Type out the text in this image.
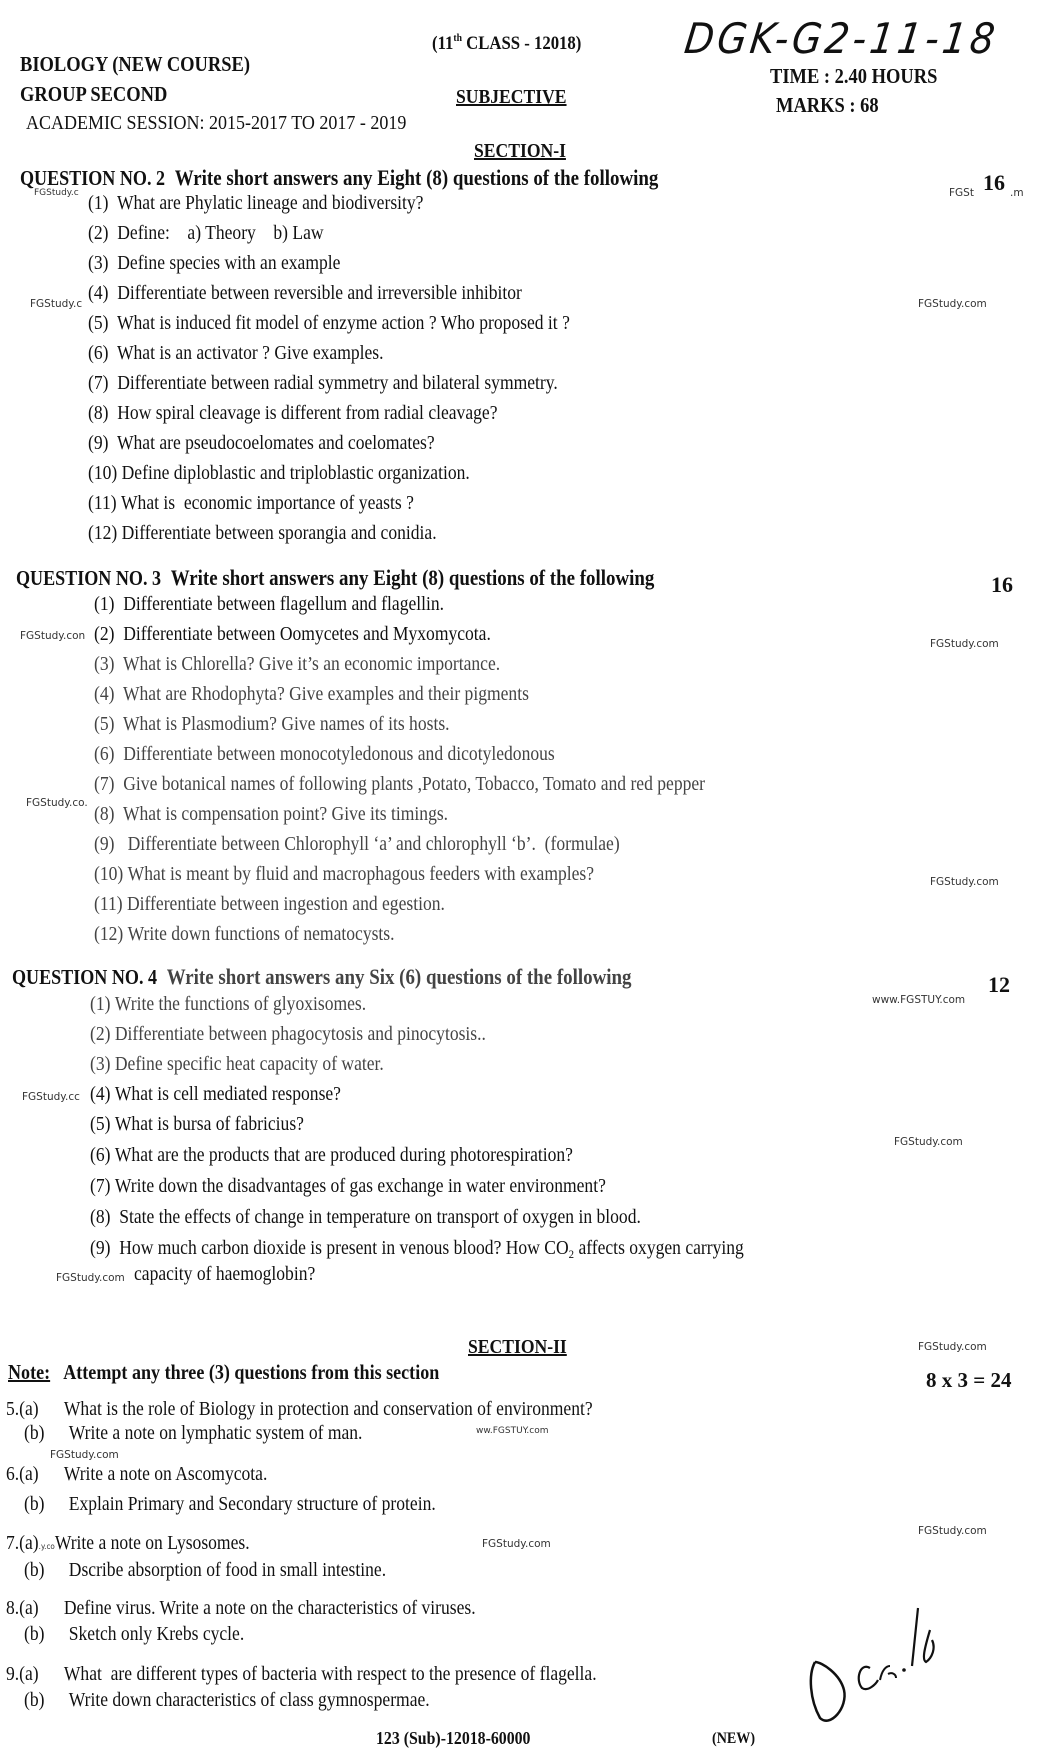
(11th CLASS - 12018) DGK-G2-11-18
BIOLOGY (NEW COURSE)	TIME : 2.40 HOURS
GROUP SECOND	SUBJECTIVE	MARKS : 68
ACADEMIC SESSION: 2015-2017 TO 2017 - 2019
SECTION-I
QUESTION NO. 2 Write short answers any Eight (8) questions of the following	16
(1) What are Phylatic lineage and biodiversity?
(2) Define:    a) Theory    b) Law
(3) Define species with an example
(4) Differentiate between reversible and irreversible inhibitor
(5) What is induced fit model of enzyme action ? Who proposed it ?
(6) What is an activator ? Give examples.
(7) Differentiate between radial symmetry and bilateral symmetry.
(8) How spiral cleavage is different from radial cleavage?
(9) What are pseudocoelomates and coelomates?
(10) Define diploblastic and triploblastic organization.
(11) What is  economic importance of yeasts ?
(12) Differentiate between sporangia and conidia.
QUESTION NO. 3 Write short answers any Eight (8) questions of the following	16
(1) Differentiate between flagellum and flagellin.
(2) Differentiate between Oomycetes and Myxomycota.
(3) What is Chlorella? Give it’s an economic importance.
(4) What are Rhodophyta? Give examples and their pigments
(5) What is Plasmodium? Give names of its hosts.
(6) Differentiate between monocotyledonous and dicotyledonous
(7) Give botanical names of following plants ,Potato, Tobacco, Tomato and red pepper
(8) What is compensation point? Give its timings.
(9) Differentiate between Chlorophyll ‘a’ and chlorophyll ‘b’.  (formulae)
(10) What is meant by fluid and macrophagous feeders with examples?
(11) Differentiate between ingestion and egestion.
(12) Write down functions of nematocysts.
QUESTION NO. 4 Write short answers any Six (6) questions of the following	12
(1) Write the functions of glyoxisomes.
(2) Differentiate between phagocytosis and pinocytosis..
(3) Define specific heat capacity of water.
(4) What is cell mediated response?
(5) What is bursa of fabricius?
(6) What are the products that are produced during photorespiration?
(7) Write down the disadvantages of gas exchange in water environment?
(8) State the effects of change in temperature on transport of oxygen in blood.
(9) How much carbon dioxide is present in venous blood? How $CO_2$ affects oxygen carrying
capacity of haemoglobin?
SECTION-II
Note: Attempt any three (3) questions from this section	8 x 3 = 24
5.(a) What is the role of Biology in protection and conservation of environment?
(b) Write a note on lymphatic system of man.
6.(a) Write a note on Ascomycota.
(b) Explain Primary and Secondary structure of protein.
7.(a).y.coWrite a note on Lysosomes.
(b) Dscribe absorption of food in small intestine.
8.(a) Define virus. Write a note on the characteristics of viruses.
(b) Sketch only Krebs cycle.
9.(a) What  are different types of bacteria with respect to the presence of flagella.
(b) Write down characteristics of class gymnospermae.
123 (Sub)-12018-60000	(NEW)
FGStudy.c	FGSt	.m
FGStudy.c	FGStudy.com
FGStudy.con
FGStudy.com
FGStudy.co.
FGStudy.com
www.FGSTUY.com
FGStudy.cc
FGStudy.com
FGStudy.com
FGStudy.com
ww.FGSTUY.com
FGStudy.com
FGStudy.com
FGStudy.com
